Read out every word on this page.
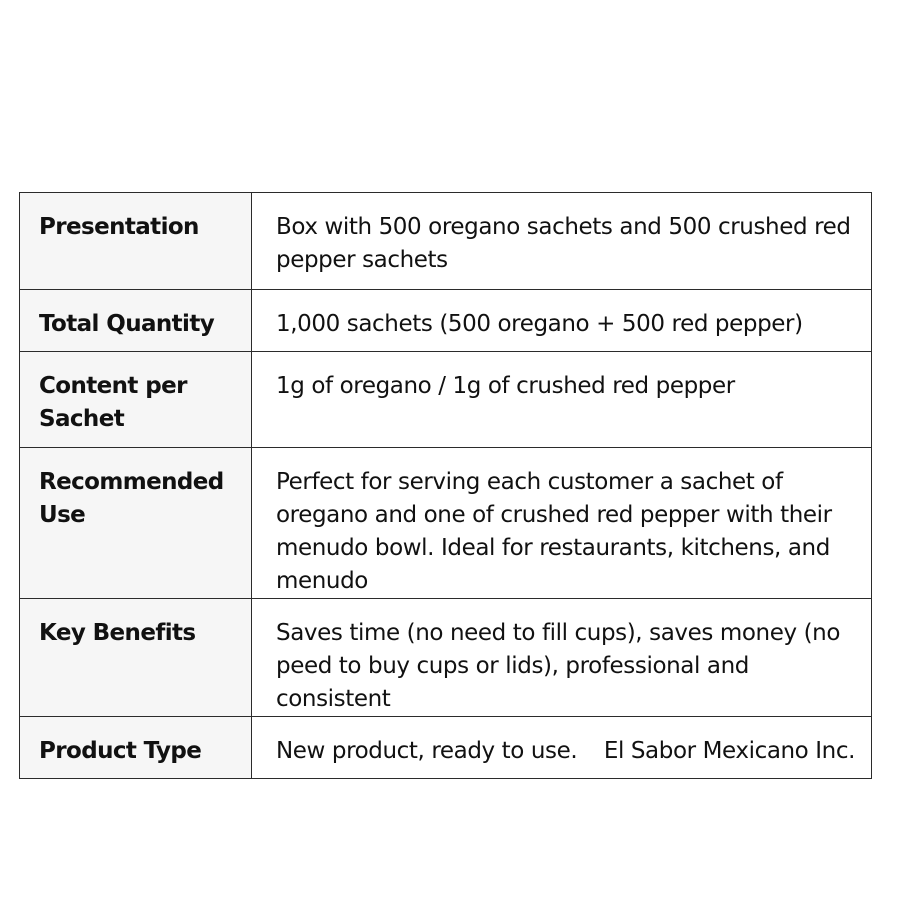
Presentation	Box with 500 oregano sachets and 500 crushed red pepper sachets

Total Quantity	1,000 sachets (500 oregano + 500 red pepper)

Content per Sachet	1g of oregano / 1g of crushed red pepper

Recommended Use	Perfect for serving each customer a sachet of oregano and one of crushed red pepper with their menudo bowl. Ideal for restaurants, kitchens, and menudo

Key Benefits	Saves time (no need to fill cups), saves money (no peed to buy cups or lids), professional and consistent

Product Type	New product, ready to use. El Sabor Mexicano Inc.
